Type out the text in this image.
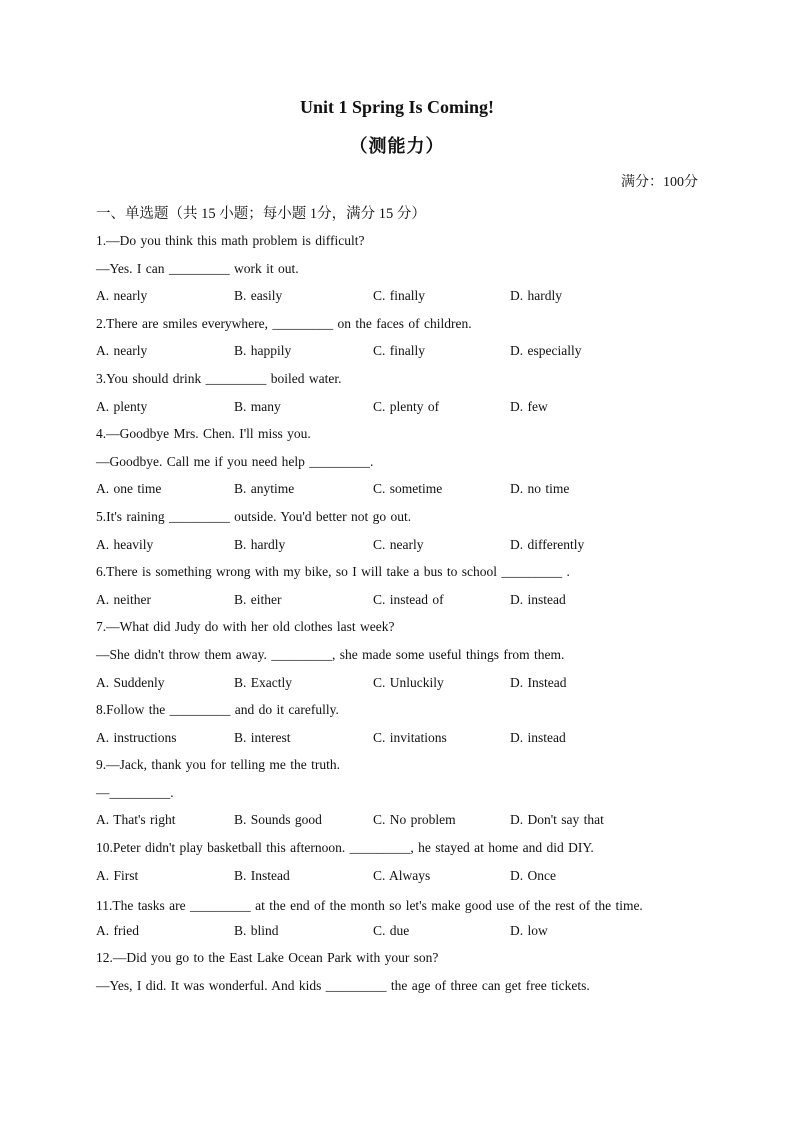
Unit 1 Spring Is Coming!
（测能力）
满分：100分
一、单选题（共 15 小题；每小题 1分，满分 15 分）
1.—Do you think this math problem is difficult?
—Yes. I can _________ work it out.
A. nearly	B. easily	C. finally	D. hardly
2.There are smiles everywhere, _________ on the faces of children.
A. nearly	B. happily	C. finally	D. especially
3.You should drink _________ boiled water.
A. plenty	B. many	C. plenty of	D. few
4.—Goodbye Mrs. Chen. I'll miss you.
—Goodbye. Call me if you need help _________.
A. one time	B. anytime	C. sometime	D. no time
5.It's raining _________ outside. You'd better not go out.
A. heavily	B. hardly	C. nearly	D. differently
6.There is something wrong with my bike, so I will take a bus to school _________ .
A. neither	B. either	C. instead of	D. instead
7.—What did Judy do with her old clothes last week?
—She didn't throw them away. _________, she made some useful things from them.
A. Suddenly	B. Exactly	C. Unluckily	D. Instead
8.Follow the _________ and do it carefully.
A. instructions	B. interest	C. invitations	D. instead
9.—Jack, thank you for telling me the truth.
—_________.
A. That's right	B. Sounds good	C. No problem	D. Don't say that
10.Peter didn't play basketball this afternoon. _________, he stayed at home and did DIY.
A. First	B. Instead	C. Always	D. Once
11.The tasks are _________ at the end of the month so let's make good use of the rest of the time.
A. fried	B. blind	C. due	D. low
12.—Did you go to the East Lake Ocean Park with your son?
—Yes, I did. It was wonderful. And kids _________ the age of three can get free tickets.
